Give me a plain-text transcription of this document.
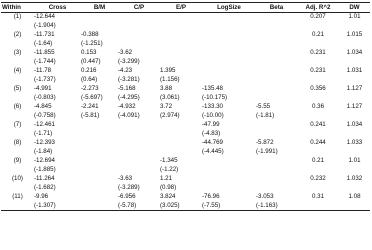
Within	Cross	B/M	C/P	E/P	LogSize	Beta	Adj. R^2	DW
(1)	-12.644						0.207	1.01
	(-1.904)							
(2)	-11.731	-0.388					0.21	1.015
	(-1.64)	(-1.251)						
(3)	-11.855	0.153	-3.62				0.231	1.034
	(-1.744)	(0.447)	(-3.299)					
(4)	-11.78	0.216	-4.23	1.395			0.231	1.031
	(-1.737)	(0.64)	(-3.281)	(1.156)				
(5)	-4.991	-2.273	-5.168	3.88	-135.48		0.356	1.127
	(-0.803)	(-5.697)	(-4.295)	(3.061)	(-10.175)			
(6)	-4.845	-2.241	-4.932	3.72	-133.30	-5.55	0.36	1.127
	(-0.758)	(-5.81)	(-4.091)	(2.974)	(-10.00)	(-1.81)		
(7)	-12.461				-47.99		0.241	1.034
	(-1.71)				(-4.83)			
(8)	-12.393				-44.769	-5.872	0.244	1.033
	(-1.84)				(-4.445)	(-1.991)		
(9)	-12.694			-1.345			0.21	1.01
	(-1.885)			(-1.22)				
(10)	-11.264		-3.63	1.21			0.232	1.032
	(-1.682)		(-3.289)	(0.98)				
(11)	-9.96		-6.956	3.824	-76.96	-3.053	0.31	1.08
	(-1.307)		(-5.78)	(3.025)	(-7.55)	(-1.163)		
